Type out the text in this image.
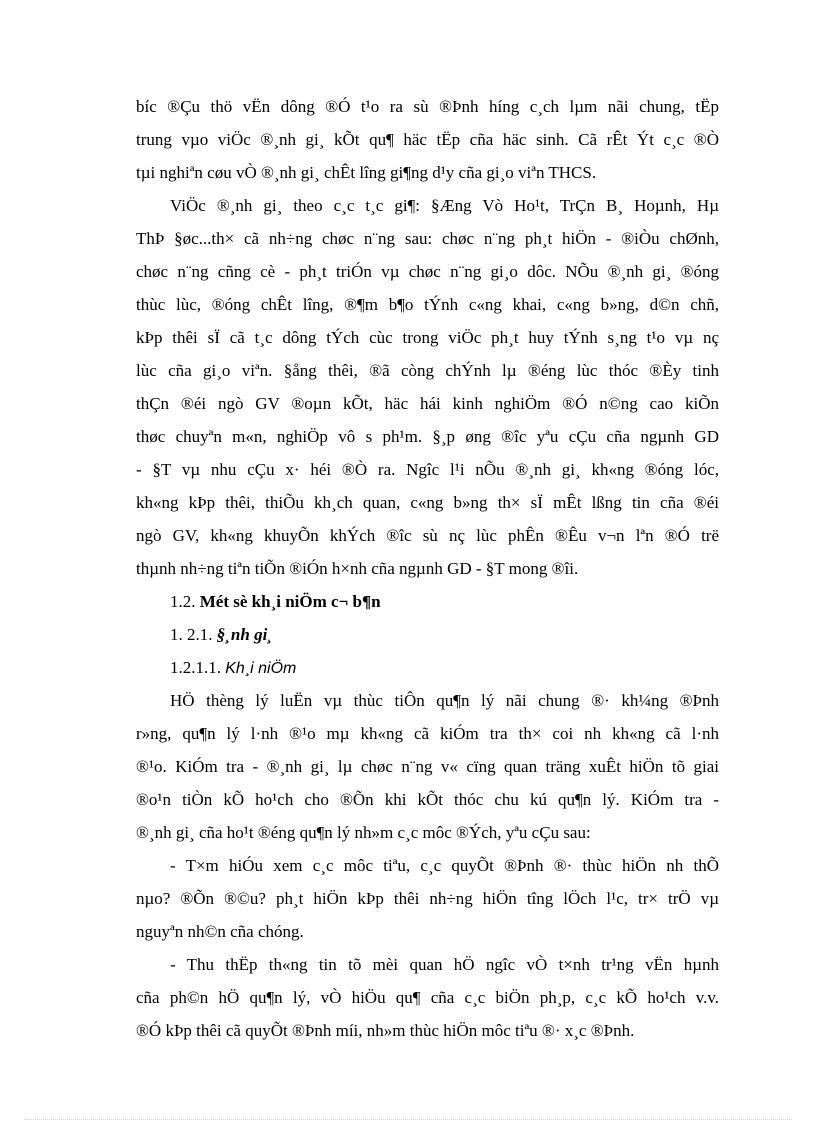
bíc ®Çu thö vËn dông ®Ó t¹o ra sù ®Þnh híng c¸ch lµm nãi chung, tËp
trung vµo viÖc ®¸nh gi¸ kÕt qu¶ häc tËp cña häc sinh. Cã rÊt Ýt c¸c ®Ò
tµi nghiªn cøu vÒ ®¸nh gi¸ chÊt lîng gi¶ng d¹y cña gi¸o viªn THCS.
ViÖc ®¸nh gi¸ theo c¸c t¸c gi¶: §Æng Vò Ho¹t, TrÇn B¸ Hoµnh, Hµ
ThÞ §øc...th× cã nh÷ng chøc n¨ng sau: chøc n¨ng ph¸t hiÖn - ®iÒu chØnh,
chøc n¨ng cñng cè - ph¸t triÓn vµ chøc n¨ng gi¸o dôc. NÕu ®¸nh gi¸ ®óng
thùc lùc, ®óng chÊt lîng, ®¶m b¶o tÝnh c«ng khai, c«ng b»ng, d©n chñ,
kÞp thêi sÏ cã t¸c dông tÝch cùc trong viÖc ph¸t huy tÝnh s¸ng t¹o vµ nç
lùc cña gi¸o viªn. §ång thêi, ®ã còng chÝnh lµ ®éng lùc thóc ®Èy tinh
thÇn ®éi ngò GV ®oµn kÕt, häc hái kinh nghiÖm ®Ó n©ng cao kiÕn
thøc chuyªn m«n, nghiÖp vô s ph¹m. §¸p øng ®îc yªu cÇu cña ngµnh GD
- §T vµ nhu cÇu x· héi ®Ò ra. Ngîc l¹i nÕu ®¸nh gi¸ kh«ng ®óng lóc,
kh«ng kÞp thêi, thiÕu kh¸ch quan, c«ng b»ng th× sÏ mÊt lßng tin cña ®éi
ngò GV, kh«ng khuyÕn khÝch ®îc sù nç lùc phÊn ®Êu v¬n lªn ®Ó trë
thµnh nh÷ng tiªn tiÕn ®iÓn h×nh cña ngµnh GD - §T mong ®îi.
1.2. Mét sè kh¸i niÖm c¬ b¶n
1. 2.1. §¸nh gi¸
1.2.1.1. Kh¸i niÖm
HÖ thèng lý luËn vµ thùc tiÔn qu¶n lý nãi chung ®· kh¼ng ®Þnh
r»ng, qu¶n lý l·nh ®¹o mµ kh«ng cã kiÓm tra th× coi nh kh«ng cã l·nh
®¹o. KiÓm tra - ®¸nh gi¸ lµ chøc n¨ng v« cïng quan träng xuÊt hiÖn tõ giai
®o¹n tiÒn kÕ ho¹ch cho ®Õn khi kÕt thóc chu kú qu¶n lý. KiÓm tra -
®¸nh gi¸ cña ho¹t ®éng qu¶n lý nh»m c¸c môc ®Ých, yªu cÇu sau:
- T×m hiÓu xem c¸c môc tiªu, c¸c quyÕt ®Þnh ®· thùc hiÖn nh thÕ
nµo? ®Õn ®©u? ph¸t hiÖn kÞp thêi nh÷ng hiÖn tîng lÖch l¹c, tr× trÖ vµ
nguyªn nh©n cña chóng.
- Thu thËp th«ng tin tõ mèi quan hÖ ngîc vÒ t×nh tr¹ng vËn hµnh
cña ph©n hÖ qu¶n lý, vÒ hiÖu qu¶ cña c¸c biÖn ph¸p, c¸c kÕ ho¹ch v.v.
®Ó kÞp thêi cã quyÕt ®Þnh míi, nh»m thùc hiÖn môc tiªu ®· x¸c ®Þnh.
